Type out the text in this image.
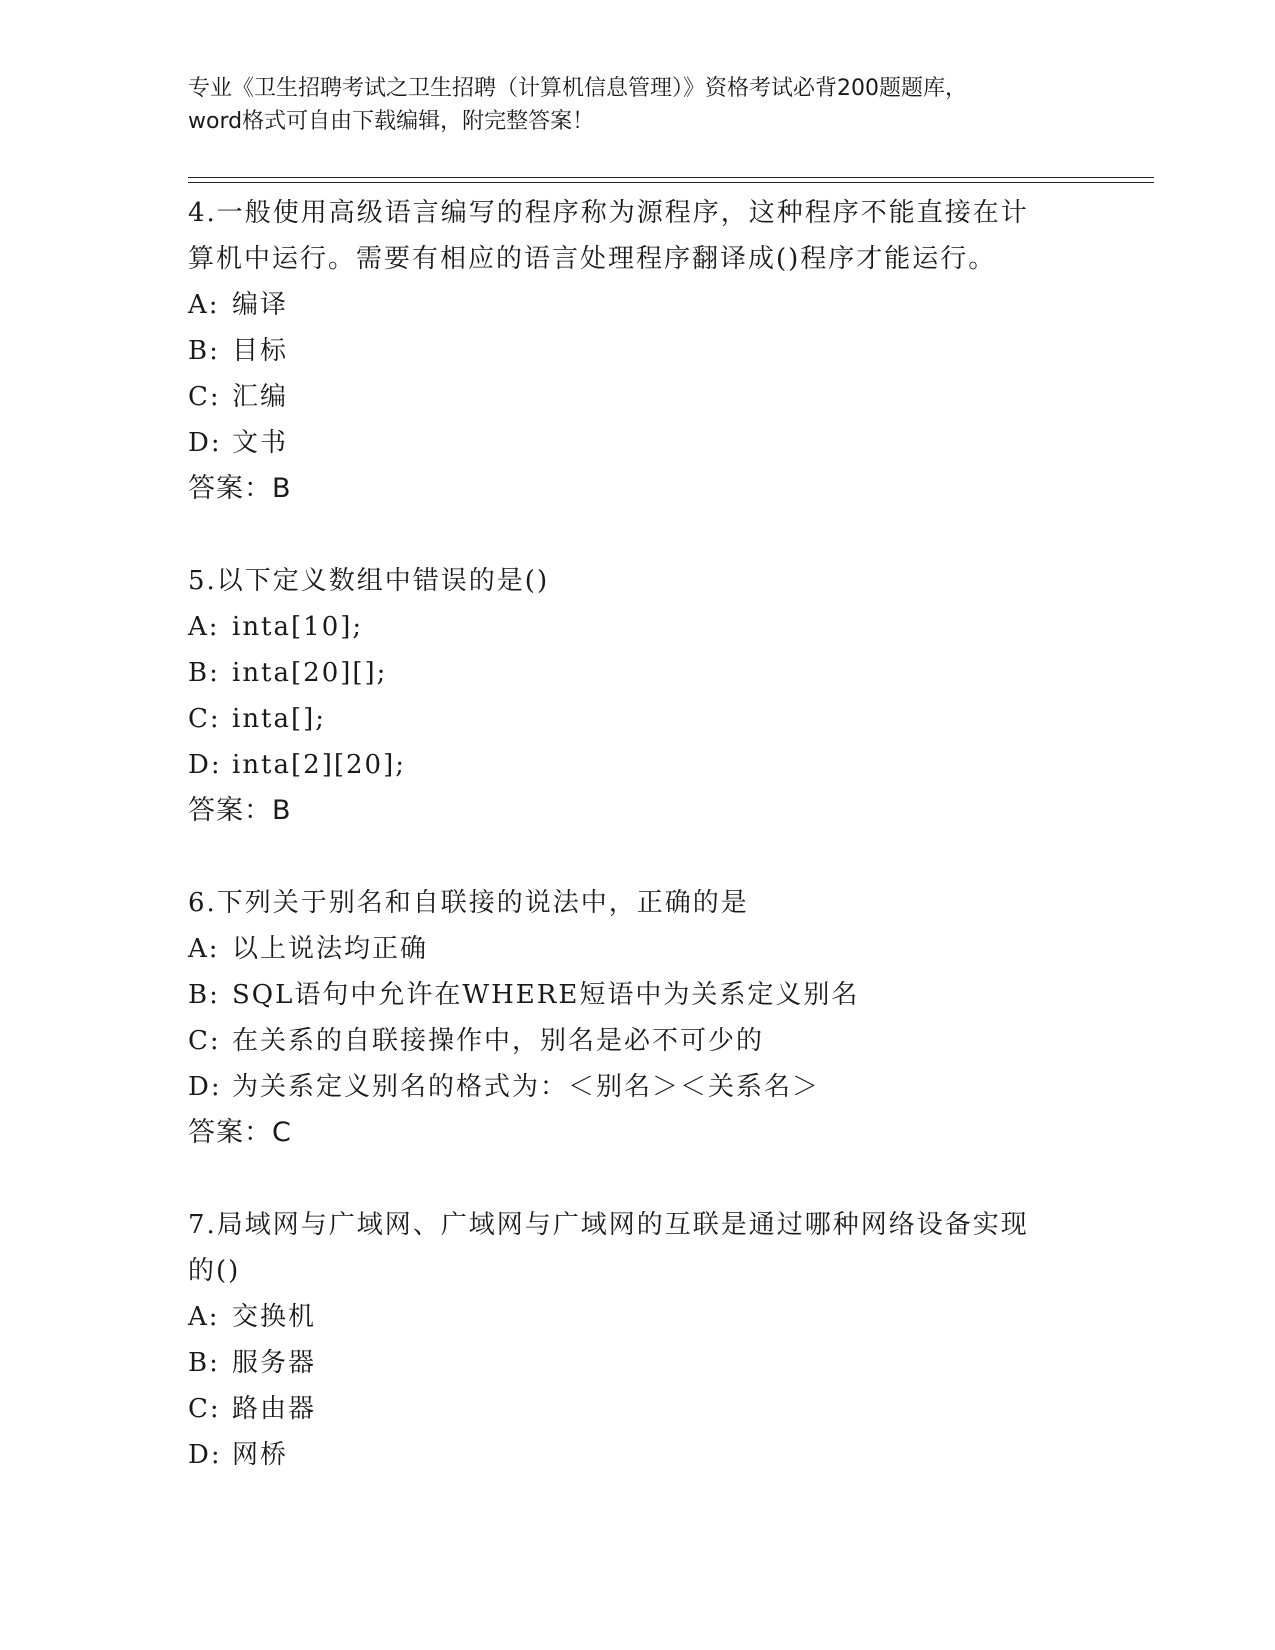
专业《卫生招聘考试之卫生招聘（计算机信息管理）》资格考试必背200题题库，
word格式可自由下载编辑，附完整答案！
4.一般使用高级语言编写的程序称为源程序，这种程序不能直接在计
算机中运行。需要有相应的语言处理程序翻译成()程序才能运行。
A: 编译
B: 目标
C: 汇编
D: 文书
答案：B
5.以下定义数组中错误的是()
A: inta[10];
B: inta[20][];
C: inta[];
D: inta[2][20];
答案：B
6.下列关于别名和自联接的说法中，正确的是
A: 以上说法均正确
B: SQL语句中允许在WHERE短语中为关系定义别名
C: 在关系的自联接操作中，别名是必不可少的
D: 为关系定义别名的格式为：＜别名＞＜关系名＞
答案：C
7.局域网与广域网、广域网与广域网的互联是通过哪种网络设备实现
的()
A: 交换机
B: 服务器
C: 路由器
D: 网桥
